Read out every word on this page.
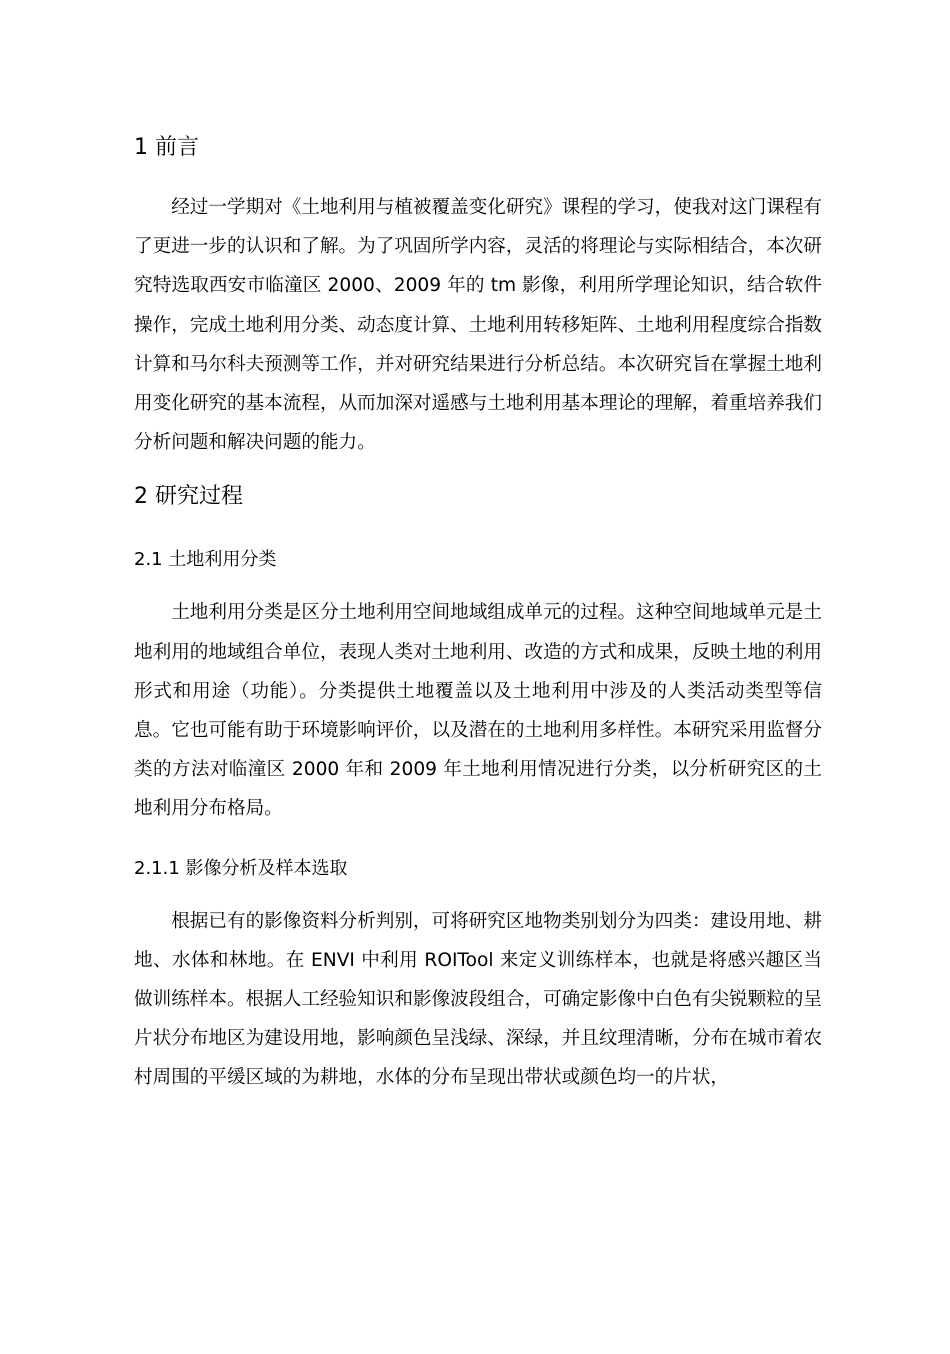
1 前言

经过一学期对《土地利用与植被覆盖变化研究》课程的学习，使我对这门课程有了更进一步的认识和了解。为了巩固所学内容，灵活的将理论与实际相结合，本次研究特选取西安市临潼区 2000、2009 年的 tm 影像，利用所学理论知识，结合软件操作，完成土地利用分类、动态度计算、土地利用转移矩阵、土地利用程度综合指数计算和马尔科夫预测等工作，并对研究结果进行分析总结。本次研究旨在掌握土地利用变化研究的基本流程，从而加深对遥感与土地利用基本理论的理解，着重培养我们分析问题和解决问题的能力。

2 研究过程
2.1 土地利用分类

土地利用分类是区分土地利用空间地域组成单元的过程。这种空间地域单元是土地利用的地域组合单位，表现人类对土地利用、改造的方式和成果，反映土地的利用形式和用途（功能）。分类提供土地覆盖以及土地利用中涉及的人类活动类型等信息。它也可能有助于环境影响评价，以及潜在的土地利用多样性。本研究采用监督分类的方法对临潼区 2000 年和 2009 年土地利用情况进行分类，以分析研究区的土地利用分布格局。

2.1.1 影像分析及样本选取

根据已有的影像资料分析判别，可将研究区地物类别划分为四类：建设用地、耕地、水体和林地。在 ENVI 中利用 ROITool 来定义训练样本，也就是将感兴趣区当做训练样本。根据人工经验知识和影像波段组合，可确定影像中白色有尖锐颗粒的呈片状分布地区为建设用地，影响颜色呈浅绿、深绿，并且纹理清晰，分布在城市着农村周围的平缓区域的为耕地，水体的分布呈现出带状或颜色均一的片状，
